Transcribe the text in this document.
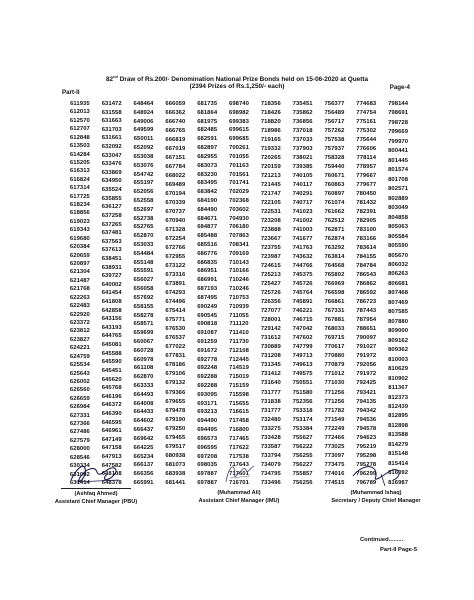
82nd Draw of Rs.200/- Denomination National Prize Bonds held on 15-06-2020 at Quetta
(2394 Prizes of Rs.1,250/- each)
Part-II
Page-4
611935
612013
612570
612707
612848
613503
614284
615205
616313
616824
617314
617725
618234
618856
619023
619343
619680
620384
620659
620897
621304
621487
621768
622263
622483
622920
623372
623812
623827
624221
624759
625534
625643
626002
626560
626659
626984
627331
627366
627486
627579
628000
628546
630334
631002
631414
631472
631558
631663
631703
631661
632092
633047
633476
633869
634950
635524
635855
636127
637258
637265
637481
637563
637613
638451
638931
639727
640002
641454
641808
642858
643156
643193
644765
645081
645588
645590
645451
645620
645768
646196
646372
646390
646595
646961
647149
647158
647913
647582
648108
648378
648464
648924
649006
649599
650011
652092
653038
653076
654742
655197
652056
652558
652697
652738
652765
652870
653033
654484
655148
655591
656027
656058
657692
658155
658278
658571
659699
660067
660728
660978
661108
662870
663333
664493
664008
664433
664602
666437
669642
664225
665234
666137
666356
665991
666059
666362
666740
666765
666819
667019
667151
667784
668022
669489
670194
670339
670737
670940
671328
672254
672766
672955
673122
673316
673891
674293
674496
675414
675771
676530
676537
677022
677831
678186
679106
679132
679366
679655
679478
679190
679250
679455
679517
680938
681073
683938
681441
681735
681864
681975
682485
682591
682897
682955
683073
683230
683495
683842
684190
684490
684671
684877
685488
685516
686776
686835
686951
686991
687193
687495
690249
690545
690818
691087
691259
691672
692778
692248
692288
692288
693095
693171
693213
694490
694495
696573
696595
697208
698035
697887
697887
698740
698982
699383
699615
699685
700261
701055
701163
701561
701741
702029
702368
703602
704930
706180
707863
708341
709169
710143
710166
710246
710246
710753
710939
711055
711120
711410
711730
712108
712445
714519
715019
715159
715598
715655
716615
717458
716800
717465
717622
717538
717643
717601
716701
718356
718426
718820
718986
719165
719332
720265
720159
721213
721445
721747
722105
722531
723208
723888
723667
723755
723987
724615
725213
725427
725726
726356
727077
728001
729142
731612
730889
731208
731345
731412
731640
731777
731838
731777
732480
733275
733428
733587
733794
734079
734795
733496
735451
735862
736856
737018
737033
737903
738021
739385
740105
740117
740291
740717
741023
741002
741003
741677
741763
743632
744766
745375
745726
745764
745891
746221
746715
747042
747602
747799
749713
749613
749575
750551
751580
752356
753318
753174
753384
755627
756222
756255
756227
755857
756256
756377
756489
756717
757262
757538
757937
758328
759440
760671
760863
760897
761074
761662
762512
762871
762874
763292
763814
764568
765802
766969
766598
766861
767331
767881
768033
769715
770617
770880
770879
771012
771030
771256
771256
771782
771549
772249
772466
773025
773097
773475
774016
774515
774683
774754
775161
775302
775644
776606
778114
778957
779667
779677
780450
781432
782391
782905
783100
783166
783614
784155
784784
786543
786862
786592
786723
787443
787954
788651
790097
791027
791972
792056
791972
792425
793421
794135
794342
794536
794578
794623
795219
795298
795278
796299
796789
798144
798691
798728
799669
799970
800441
801445
801574
801708
802571
802889
803049
804858
805063
805584
805590
805670
806032
806263
806681
807468
807469
807585
807880
809000
809162
809362
810003
810629
810902
811367
812373
812439
812895
812898
813588
814279
815148
815414
816092
816987
(Ashfaq Ahmed)
Assistant Chief Manager (PBU)
(Muhammad Ali)
Assistant Chief Manager (IMU)
(Muhammad Ishaq)
Secretary / Deputy Chief Manager
Continued.........
Part-II Page-5
